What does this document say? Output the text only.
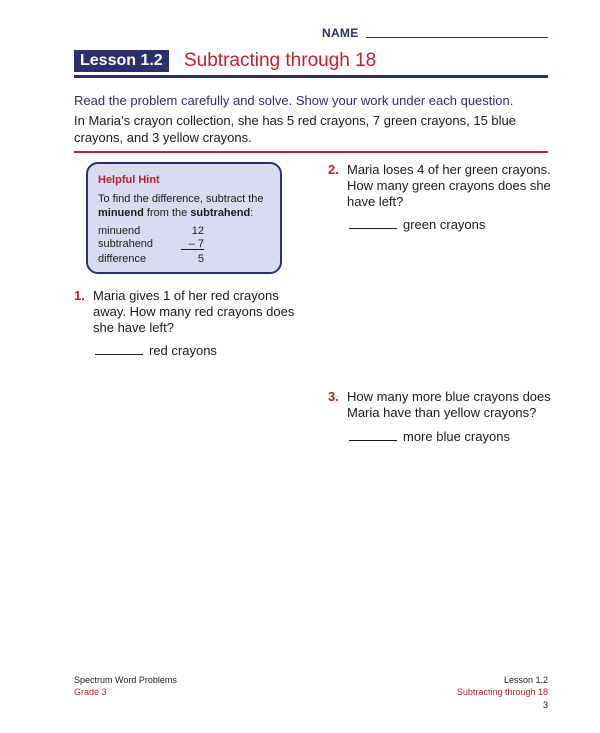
NAME
Lesson 1.2	Subtracting through 18
Read the problem carefully and solve. Show your work under each question.
In Maria’s crayon collection, she has 5 red crayons, 7 green crayons, 15 blue crayons, and 3 yellow crayons.
Helpful Hint
To find the difference, subtract the minuend from the subtrahend:
minuend	12
subtrahend	– 7
difference	5
1. Maria gives 1 of her red crayons away. How many red crayons does she have left?
red crayons
2. Maria loses 4 of her green crayons. How many green crayons does she have left?
green crayons
3. How many more blue crayons does Maria have than yellow crayons?
more blue crayons
Spectrum Word Problems
Grade 3
Lesson 1.2
Subtracting through 18
3
